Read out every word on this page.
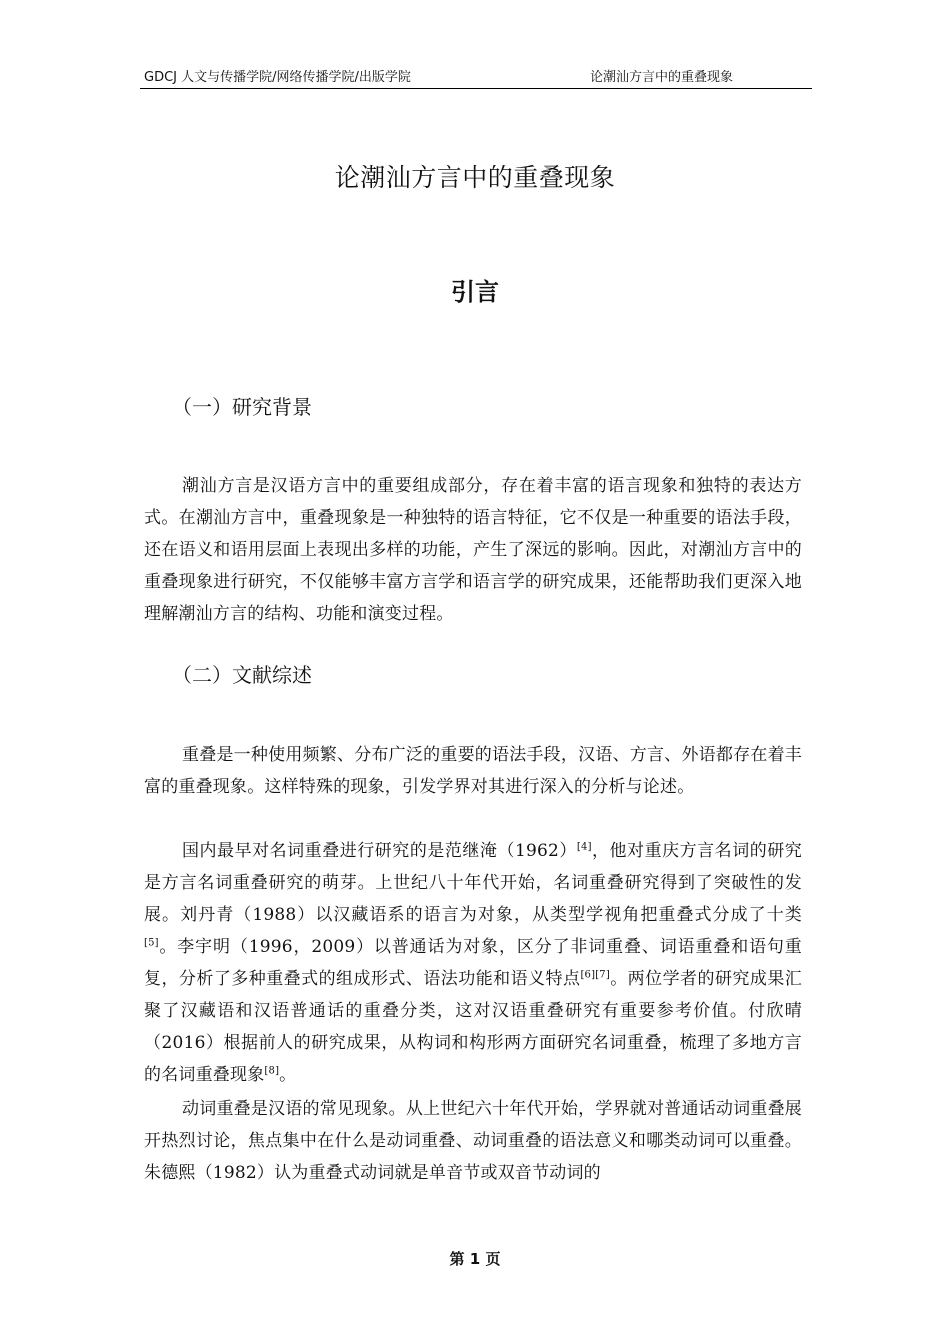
GDCJ 人文与传播学院/网络传播学院/出版学院	论潮汕方言中的重叠现象
论潮汕方言中的重叠现象
引言
（一）研究背景

潮汕方言是汉语方言中的重要组成部分，存在着丰富的语言现象和独特的表达方式。在潮汕方言中，重叠现象是一种独特的语言特征，它不仅是一种重要的语法手段，还在语义和语用层面上表现出多样的功能，产生了深远的影响。因此，对潮汕方言中的重叠现象进行研究，不仅能够丰富方言学和语言学的研究成果，还能帮助我们更深入地理解潮汕方言的结构、功能和演变过程。

（二）文献综述

重叠是一种使用频繁、分布广泛的重要的语法手段，汉语、方言、外语都存在着丰富的重叠现象。这样特殊的现象，引发学界对其进行深入的分析与论述。

国内最早对名词重叠进行研究的是范继淹（1962）[4]，他对重庆方言名词的研究是方言名词重叠研究的萌芽。上世纪八十年代开始，名词重叠研究得到了突破性的发展。刘丹青（1988）以汉藏语系的语言为对象，从类型学视角把重叠式分成了十类[5]。李宇明（1996，2009）以普通话为对象，区分了非词重叠、词语重叠和语句重复，分析了多种重叠式的组成形式、语法功能和语义特点[6][7]。两位学者的研究成果汇聚了汉藏语和汉语普通话的重叠分类，这对汉语重叠研究有重要参考价值。付欣晴（2016）根据前人的研究成果，从构词和构形两方面研究名词重叠，梳理了多地方言的名词重叠现象[8]。

动词重叠是汉语的常见现象。从上世纪六十年代开始，学界就对普通话动词重叠展开热烈讨论，焦点集中在什么是动词重叠、动词重叠的语法意义和哪类动词可以重叠。朱德熙（1982）认为重叠式动词就是单音节或双音节动词的

第 1 页
